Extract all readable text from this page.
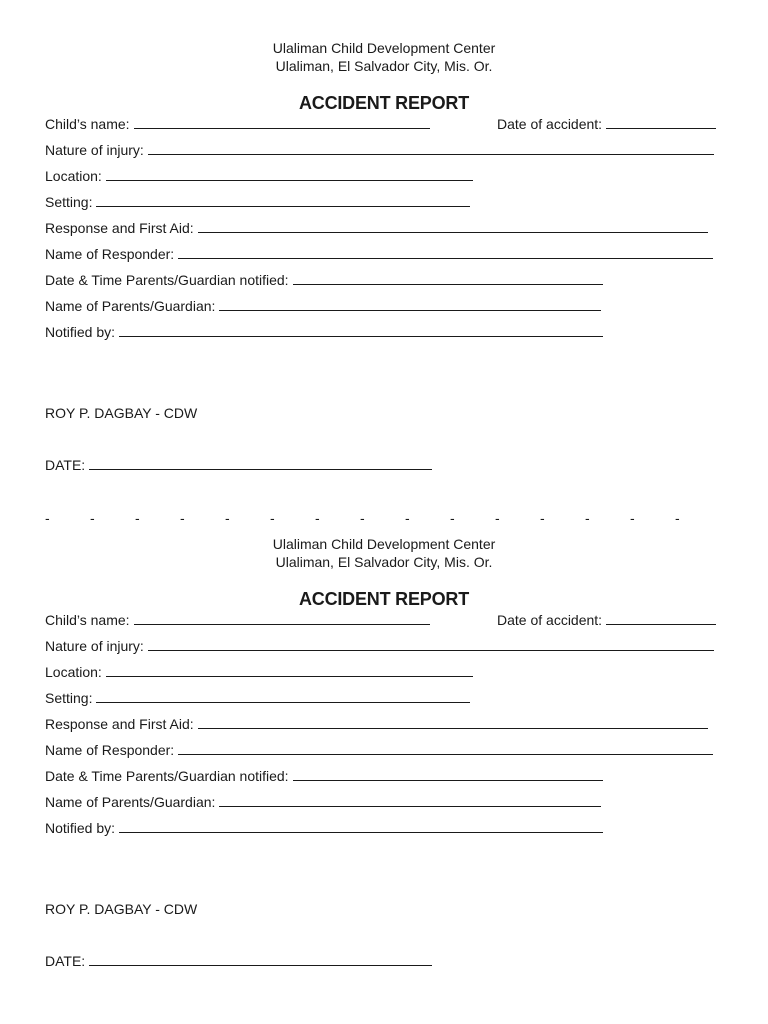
Ulaliman Child Development Center
Ulaliman, El Salvador City, Mis. Or.
ACCIDENT REPORT
Child’s name:	Date of accident:
Nature of injury:
Location:
Setting:
Response and First Aid:
Name of Responder:
Date & Time Parents/Guardian notified:
Name of Parents/Guardian:
Notified by:
ROY P. DAGBAY - CDW
DATE:
-	-	-	-	-	-	-	-	-	-	-	-	-	-	-
Ulaliman Child Development Center
Ulaliman, El Salvador City, Mis. Or.
ACCIDENT REPORT
Child’s name:	Date of accident:
Nature of injury:
Location:
Setting:
Response and First Aid:
Name of Responder:
Date & Time Parents/Guardian notified:
Name of Parents/Guardian:
Notified by:
ROY P. DAGBAY - CDW
DATE:
